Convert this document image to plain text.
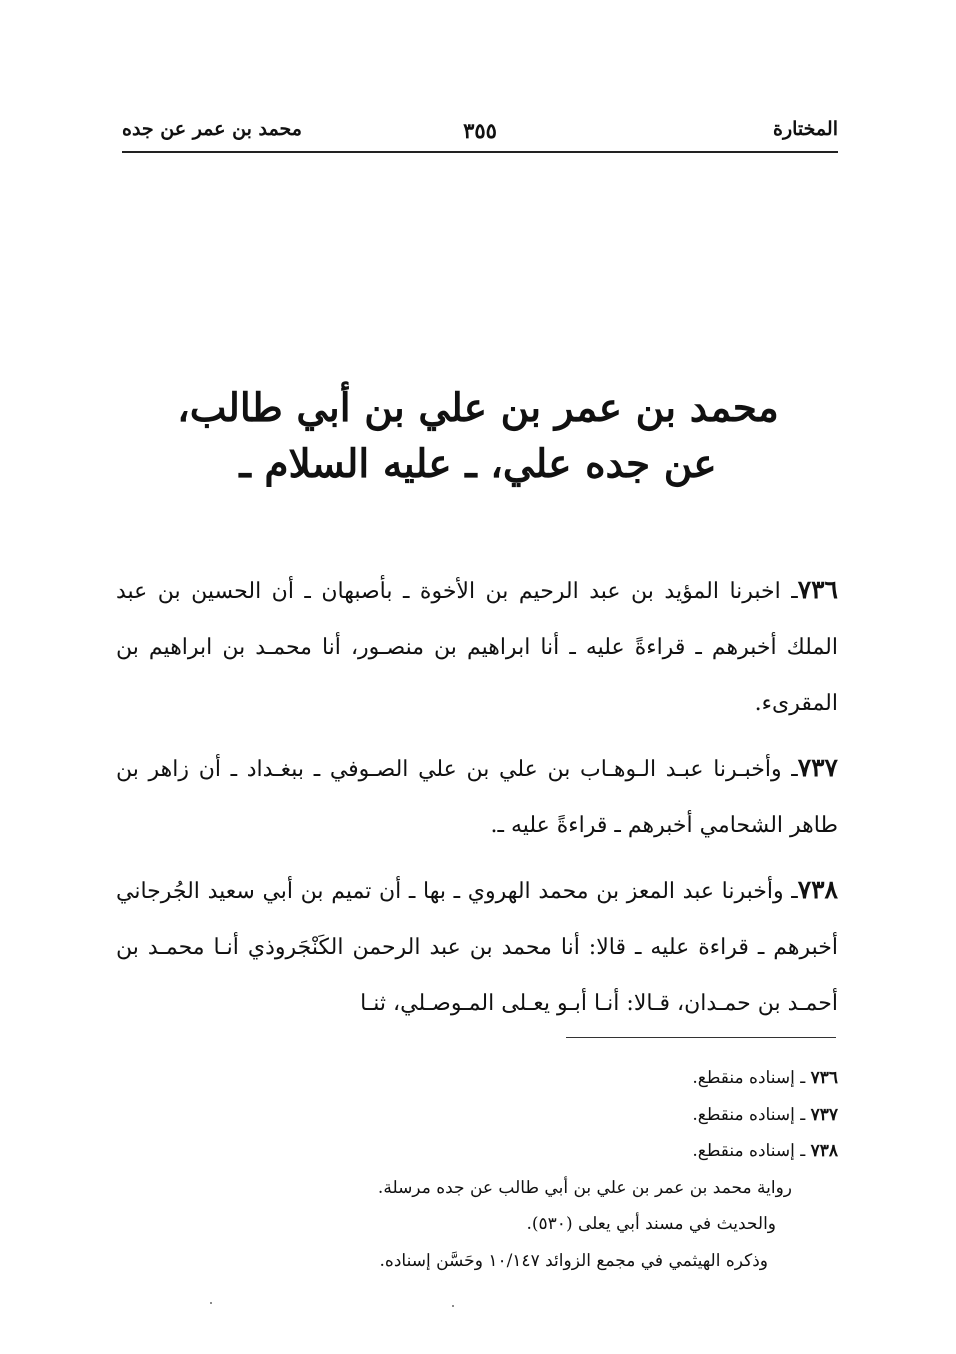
المختارة
٣٥٥
محمد بن عمر عن جده
محمد بن عمر بن علي بن أبي طالب،
عن جده علي، ـ عليه السلام ـ

٧٣٦ـ اخبرنا المؤيد بن عبد الرحيم بن الأخوة ـ بأصبهان ـ أن الحسين بن عبد الملك أخبرهم ـ قراءةً عليه ـ أنا ابراهيم بن منصـور، أنا محمـد بن ابراهيم بن المقرىء.

٧٣٧ـ وأخبـرنا عبـد الـوهـاب بن علي بن علي الصـوفي ـ ببغـداد ـ أن زاهر بن طاهر الشحامي أخبرهم ـ قراءةً عليه ـ.

٧٣٨ـ وأخبرنا عبد المعز بن محمد الهروي ـ بها ـ أن تميم بن أبي سعيد الجُرجاني أخبرهم ـ قراءة عليه ـ قالا: أنا محمد بن عبد الرحمن الكَنْجَروذي أنـا محمـد بن أحمـد بن حمـدان، قـالا: أنـا أبـو يعـلى المـوصـلي، ثنـا

٧٣٦ ـ إسناده منقطع.
٧٣٧ ـ إسناده منقطع.
٧٣٨ ـ إسناده منقطع.
رواية محمد بن عمر بن علي بن أبي طالب عن جده مرسلة.
والحديث في مسند أبي يعلى (٥٣٠).
وذكره الهيثمي في مجمع الزوائد ١٠/١٤٧ وحَسَّن إسناده.
